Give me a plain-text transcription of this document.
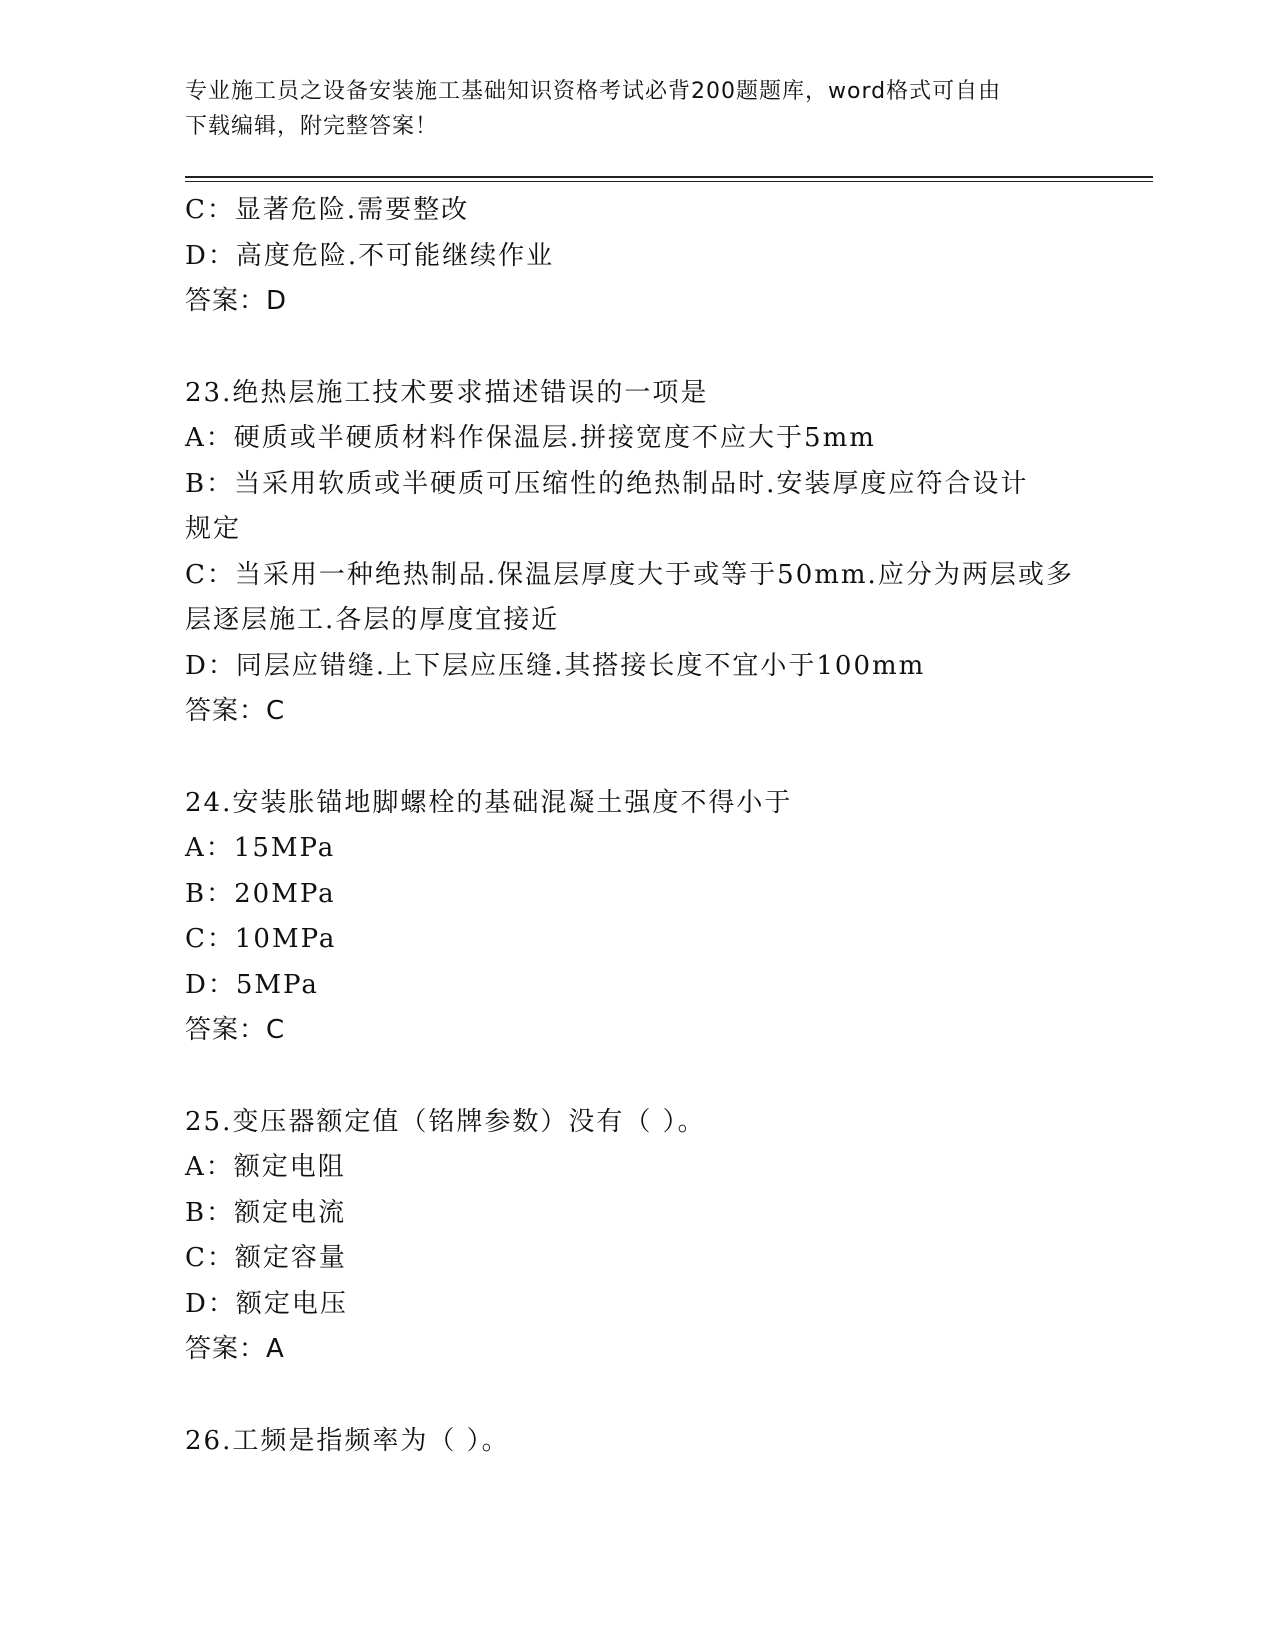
专业施工员之设备安装施工基础知识资格考试必背200题题库，word格式可自由
下载编辑，附完整答案！
C：显著危险.需要整改
D：高度危险.不可能继续作业
答案：D
23.绝热层施工技术要求描述错误的一项是
A：硬质或半硬质材料作保温层.拼接宽度不应大于5mm
B：当采用软质或半硬质可压缩性的绝热制品时.安装厚度应符合设计
规定
C：当采用一种绝热制品.保温层厚度大于或等于50mm.应分为两层或多
层逐层施工.各层的厚度宜接近
D：同层应错缝.上下层应压缝.其搭接长度不宜小于100mm
答案：C
24.安装胀锚地脚螺栓的基础混凝土强度不得小于
A：15MPa
B：20MPa
C：10MPa
D：5MPa
答案：C
25.变压器额定值（铭牌参数）没有（ ）。
A：额定电阻
B：额定电流
C：额定容量
D：额定电压
答案：A
26.工频是指频率为（ ）。
